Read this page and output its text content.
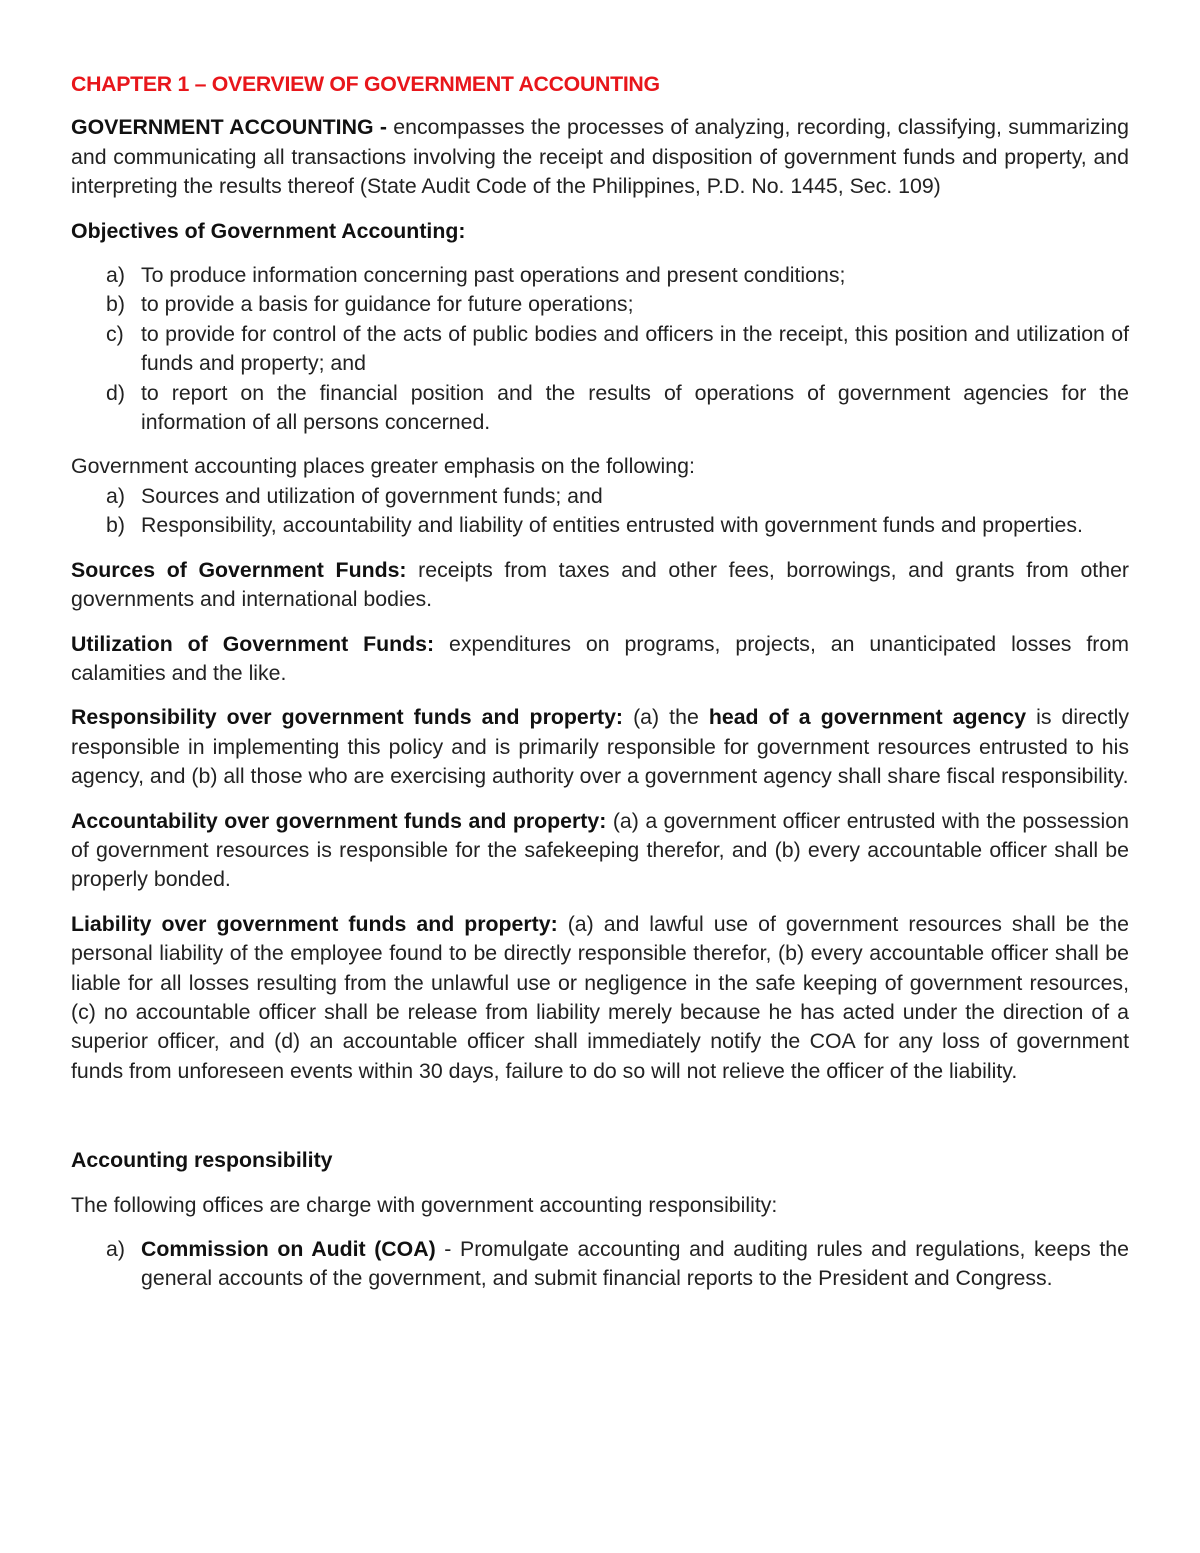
CHAPTER 1 – OVERVIEW OF GOVERNMENT ACCOUNTING

GOVERNMENT ACCOUNTING - encompasses the processes of analyzing, recording, classifying, summarizing and communicating all transactions involving the receipt and disposition of government funds and property, and interpreting the results thereof (State Audit Code of the Philippines, P.D. No. 1445, Sec. 109)

Objectives of Government Accounting:

a) To produce information concerning past operations and present conditions;
b) to provide a basis for guidance for future operations;
c) to provide for control of the acts of public bodies and officers in the receipt, this position and utilization of funds and property; and
d) to report on the financial position and the results of operations of government agencies for the information of all persons concerned.

Government accounting places greater emphasis on the following:

a) Sources and utilization of government funds; and
b) Responsibility, accountability and liability of entities entrusted with government funds and properties.

Sources of Government Funds: receipts from taxes and other fees, borrowings, and grants from other governments and international bodies.

Utilization of Government Funds: expenditures on programs, projects, an unanticipated losses from calamities and the like.

Responsibility over government funds and property: (a) the head of a government agency is directly responsible in implementing this policy and is primarily responsible for government resources entrusted to his agency, and (b) all those who are exercising authority over a government agency shall share fiscal responsibility.

Accountability over government funds and property: (a) a government officer entrusted with the possession of government resources is responsible for the safekeeping therefor, and (b) every accountable officer shall be properly bonded.

Liability over government funds and property: (a) and lawful use of government resources shall be the personal liability of the employee found to be directly responsible therefor, (b) every accountable officer shall be liable for all losses resulting from the unlawful use or negligence in the safe keeping of government resources, (c) no accountable officer shall be release from liability merely because he has acted under the direction of a superior officer, and (d) an accountable officer shall immediately notify the COA for any loss of government funds from unforeseen events within 30 days, failure to do so will not relieve the officer of the liability.

Accounting responsibility

The following offices are charge with government accounting responsibility:

a) Commission on Audit (COA) - Promulgate accounting and auditing rules and regulations, keeps the general accounts of the government, and submit financial reports to the President and Congress.
